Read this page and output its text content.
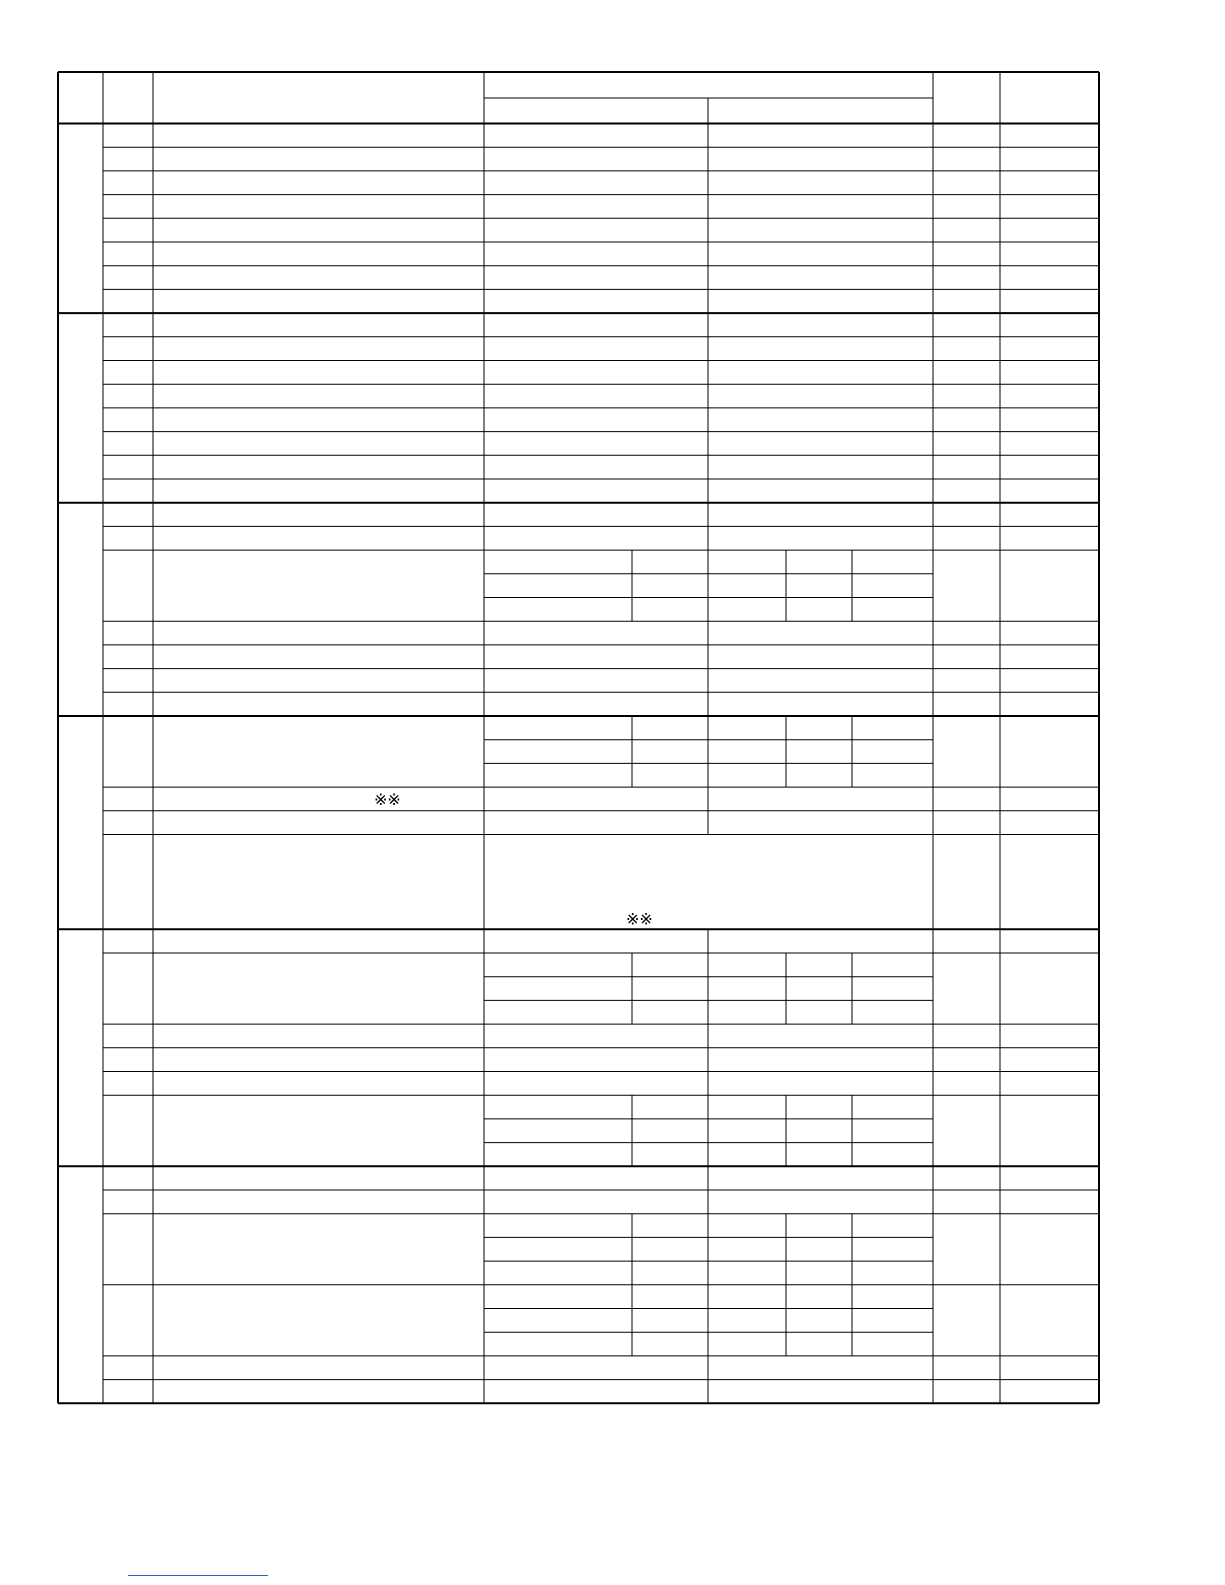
※※
※※
